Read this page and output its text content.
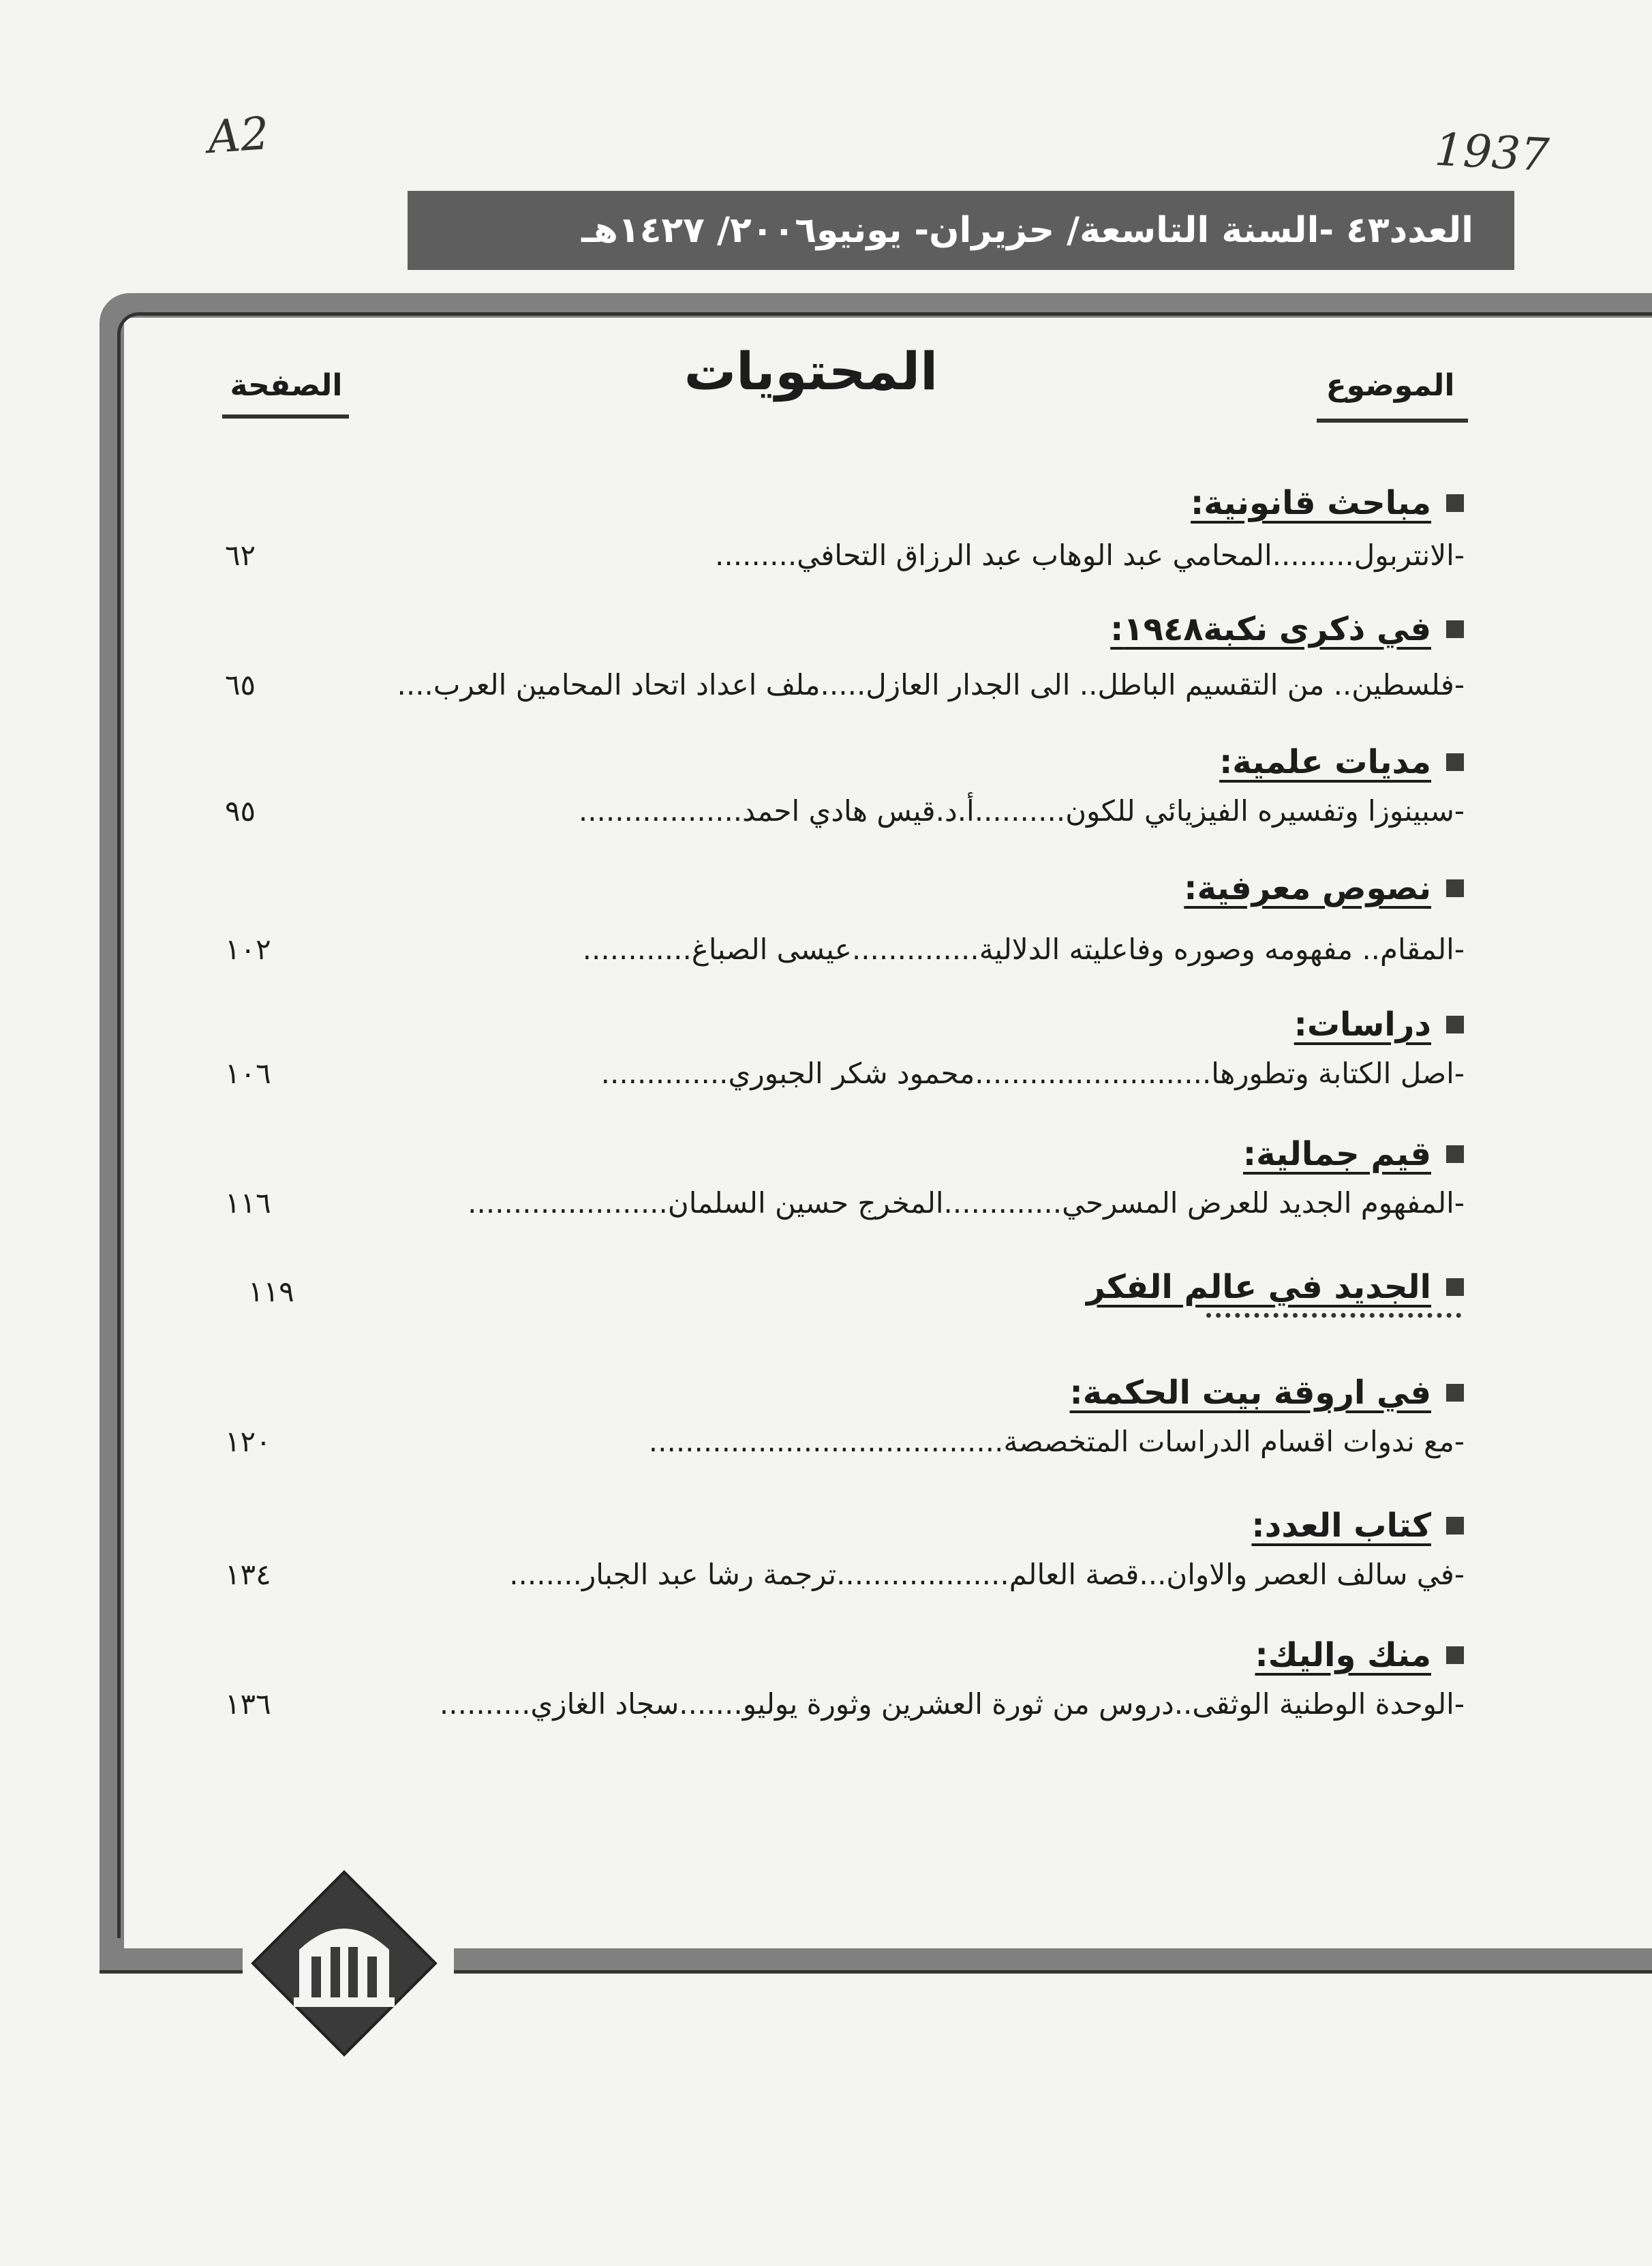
A2	1937
العدد٤٣ -السنة التاسعة/ حزيران- يونيو٢٠٠٦/ ١٤٢٧هـ
الموضوع
المحتويات
الصفحة
مباحث قانونية:
-الانتربول.........المحامي عبد الوهاب عبد الرزاق التحافي.........
٦٢
في ذكرى نكبة١٩٤٨:
-فلسطين.. من التقسيم الباطل.. الى الجدار العازل.....ملف اعداد اتحاد المحامين العرب....
٦٥
مديات علمية:
-سبينوزا وتفسيره الفيزيائي للكون..........أ.د.قيس هادي احمد..................
٩٥
نصوص معرفية:
-المقام.. مفهومه وصوره وفاعليته الدلالية..............عيسى الصباغ............
١٠٢
دراسات:
-اصل الكتابة وتطورها..........................محمود شكر الجبوري..............
١٠٦
قيم جمالية:
-المفهوم الجديد للعرض المسرحي.............المخرج حسين السلمان......................
١١٦
الجديد في عالم الفكر
١١٩
في اروقة بيت الحكمة:
-مع ندوات اقسام الدراسات المتخصصة.......................................
١٢٠
كتاب العدد:
-في سالف العصر والاوان...قصة العالم...................ترجمة رشا عبد الجبار........
١٣٤
منك واليك:
-الوحدة الوطنية الوثقى..دروس من ثورة العشرين وثورة يوليو.......سجاد الغازي..........
١٣٦
